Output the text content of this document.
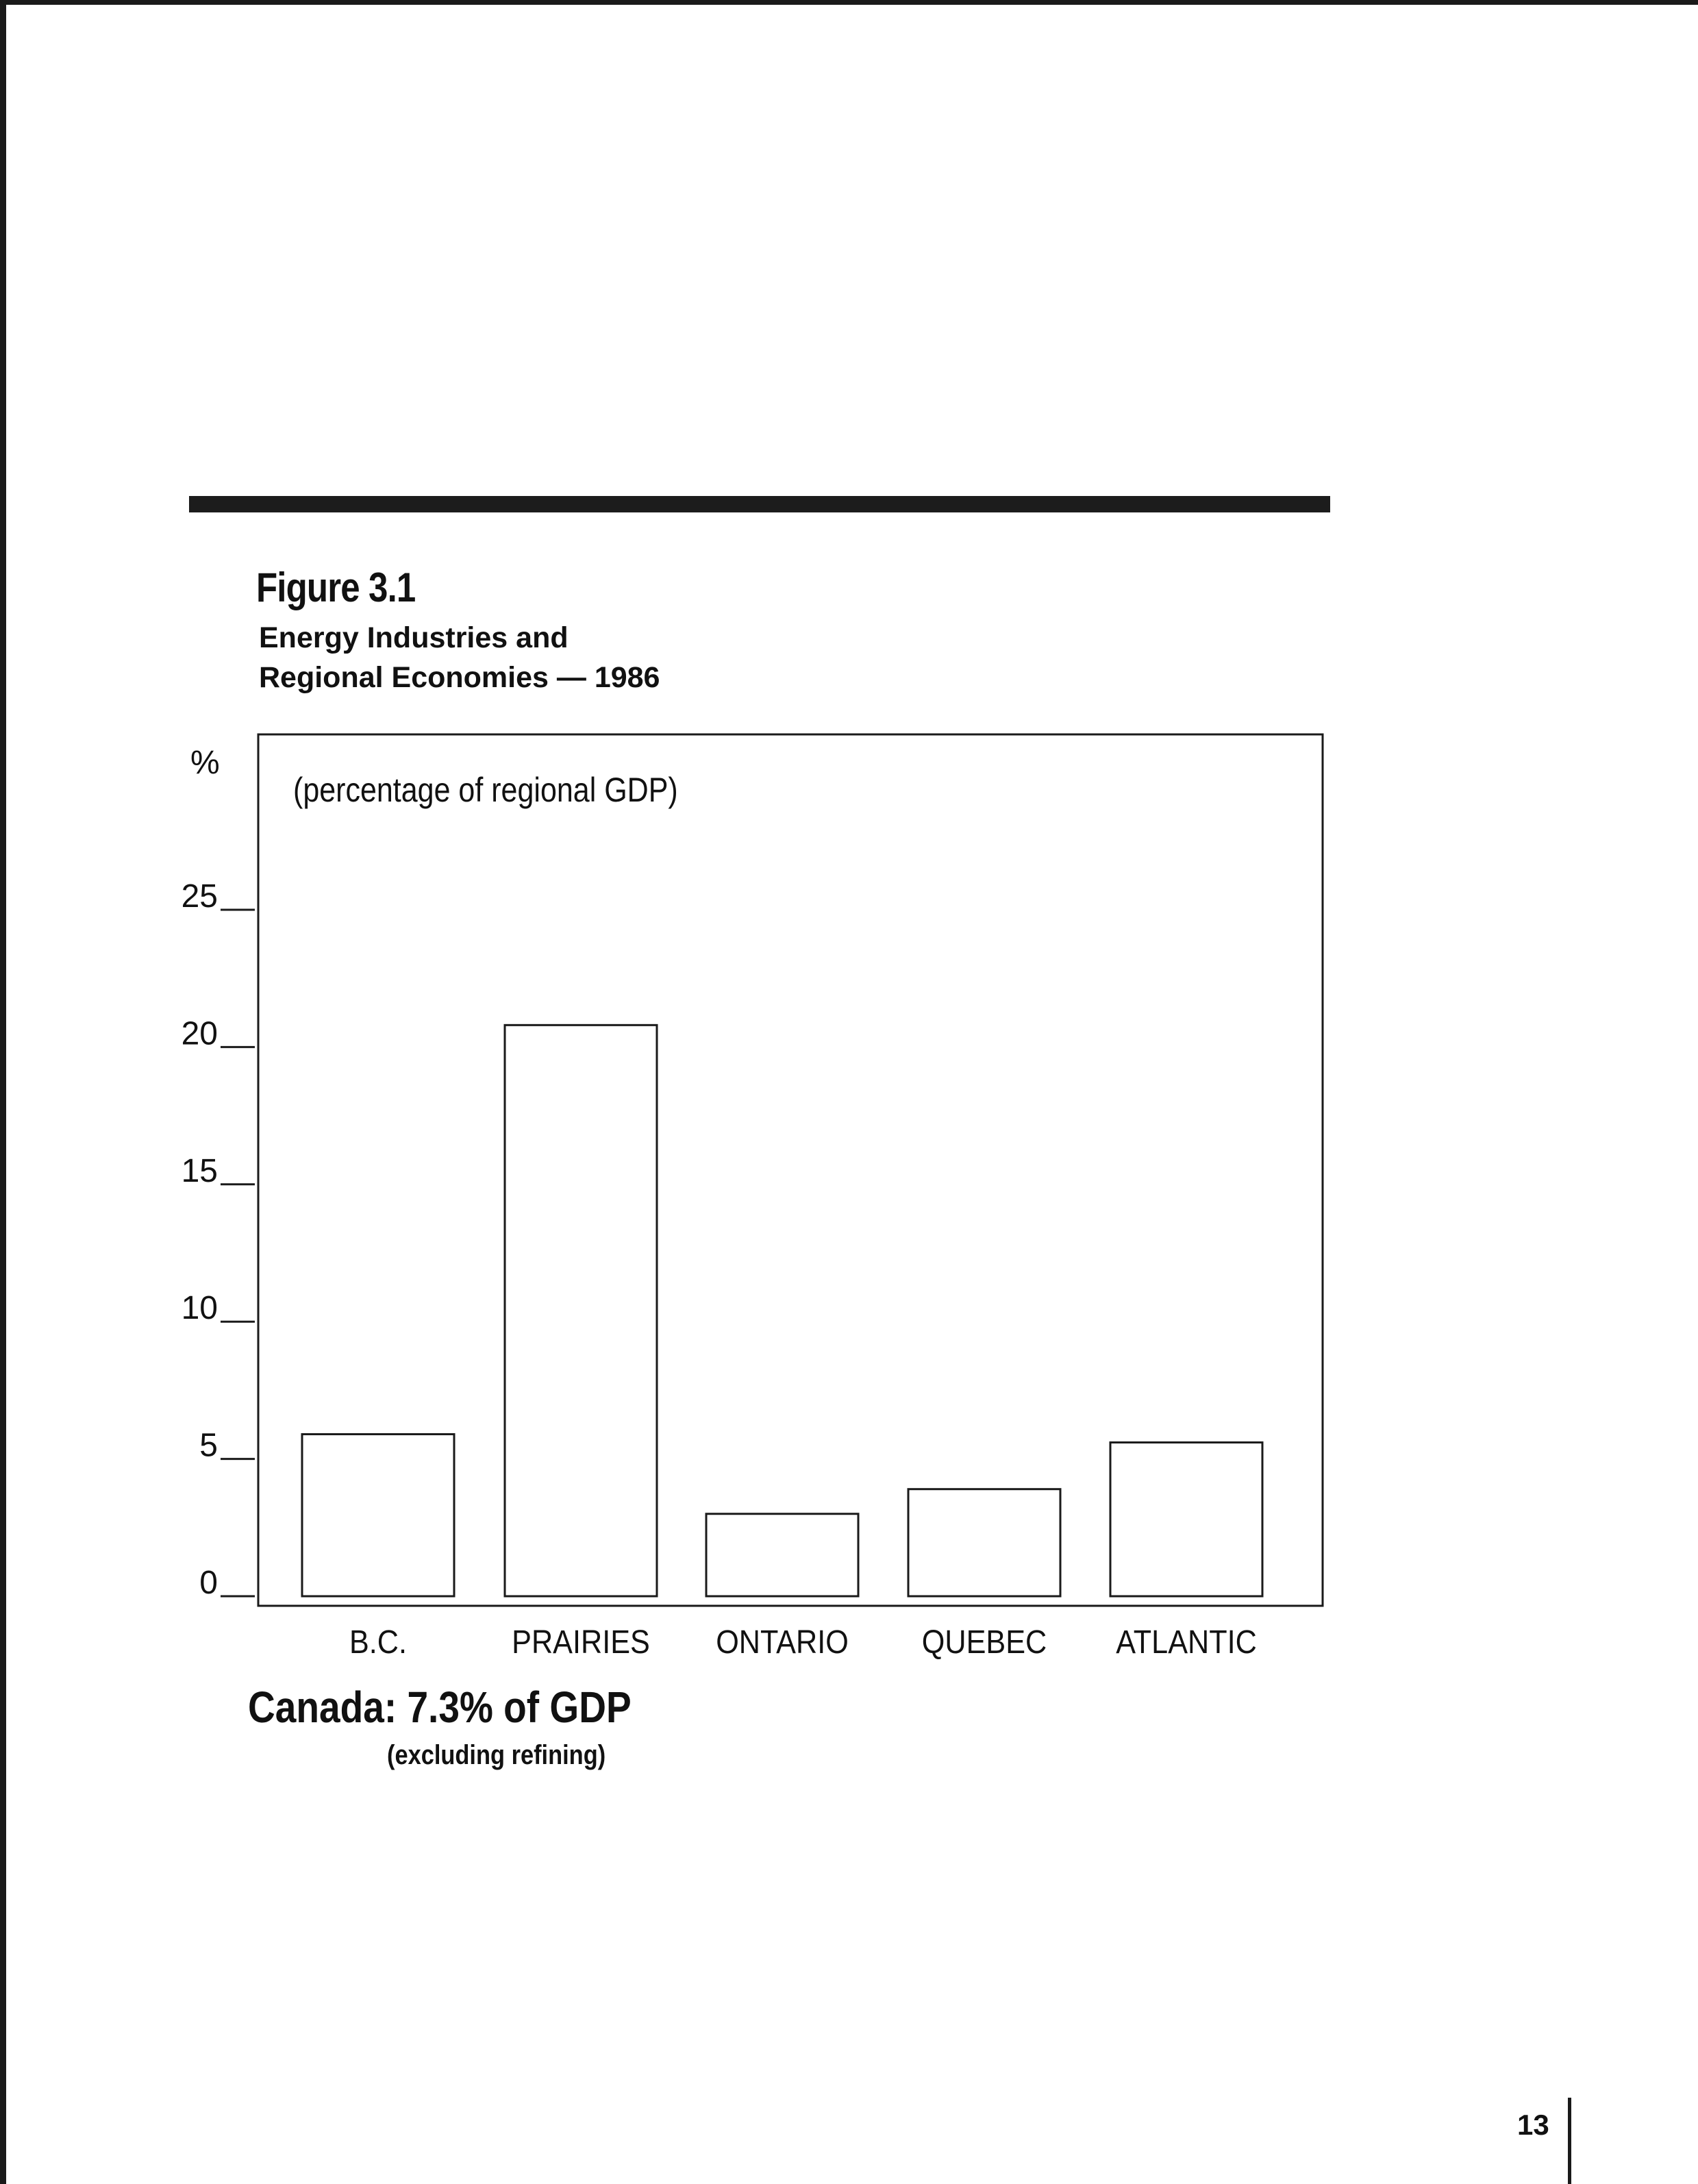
Figure 3.1
Energy Industries and
Regional Economies — 1986
%
(percentage of regional GDP)
0
5
10
15
20
25
B.C.	PRAIRIES ONTARIO QUEBEC ATLANTIC
Canada: 7.3% of GDP
(excluding refining)
13
